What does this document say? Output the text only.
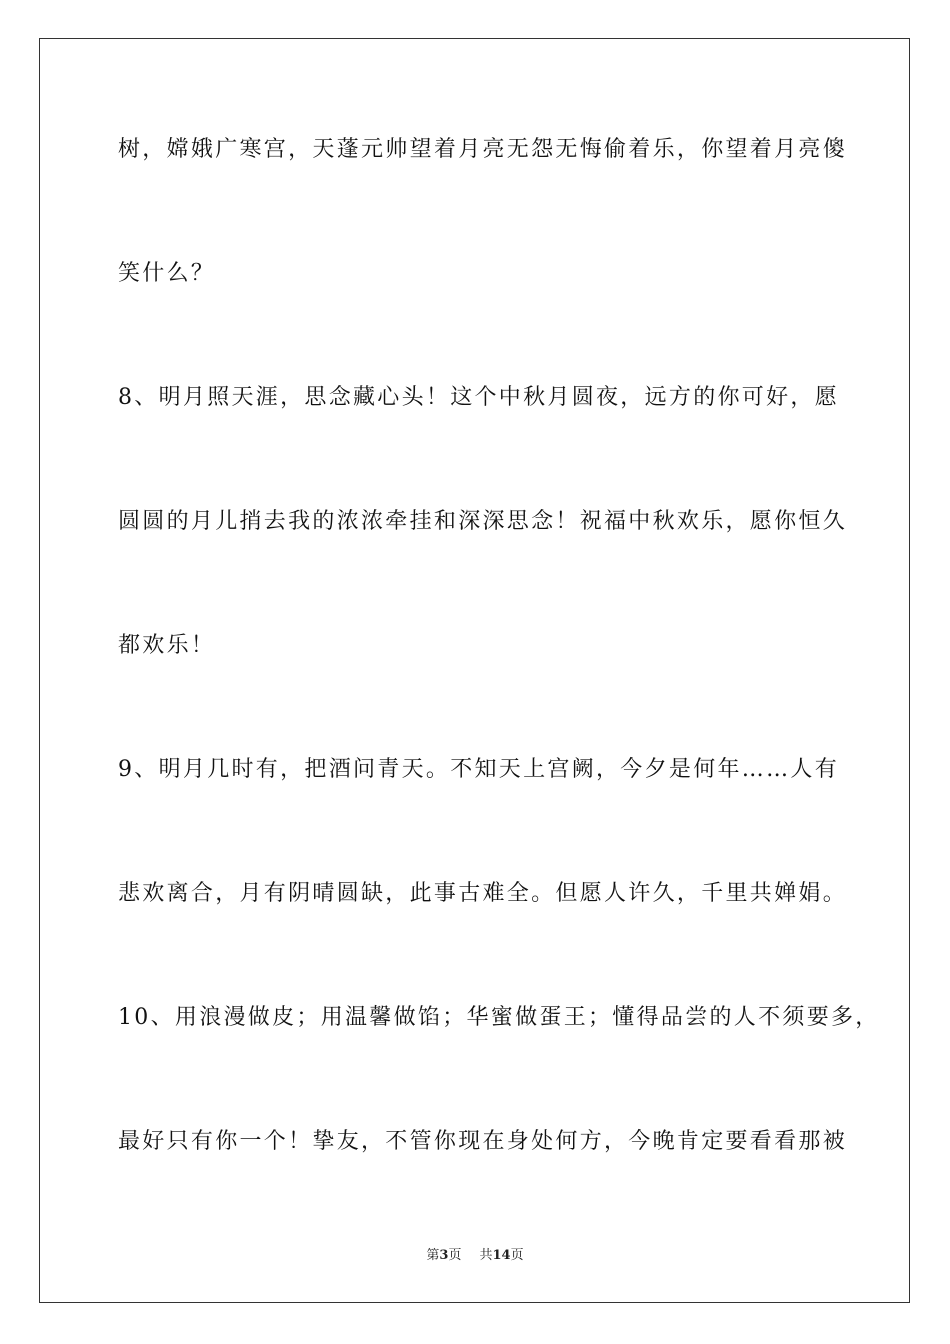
树，嫦娥广寒宫，天蓬元帅望着月亮无怨无悔偷着乐，你望着月亮傻
笑什么？
8、明月照天涯，思念藏心头！这个中秋月圆夜，远方的你可好，愿
圆圆的月儿捎去我的浓浓牵挂和深深思念！祝福中秋欢乐，愿你恒久
都欢乐！
9、明月几时有，把酒问青天。不知天上宫阙，今夕是何年……人有
悲欢离合，月有阴晴圆缺，此事古难全。但愿人许久，千里共婵娟。
10、用浪漫做皮；用温馨做馅；华蜜做蛋王；懂得品尝的人不须要多，
最好只有你一个！挚友，不管你现在身处何方，今晚肯定要看看那被
第3页 共14页
